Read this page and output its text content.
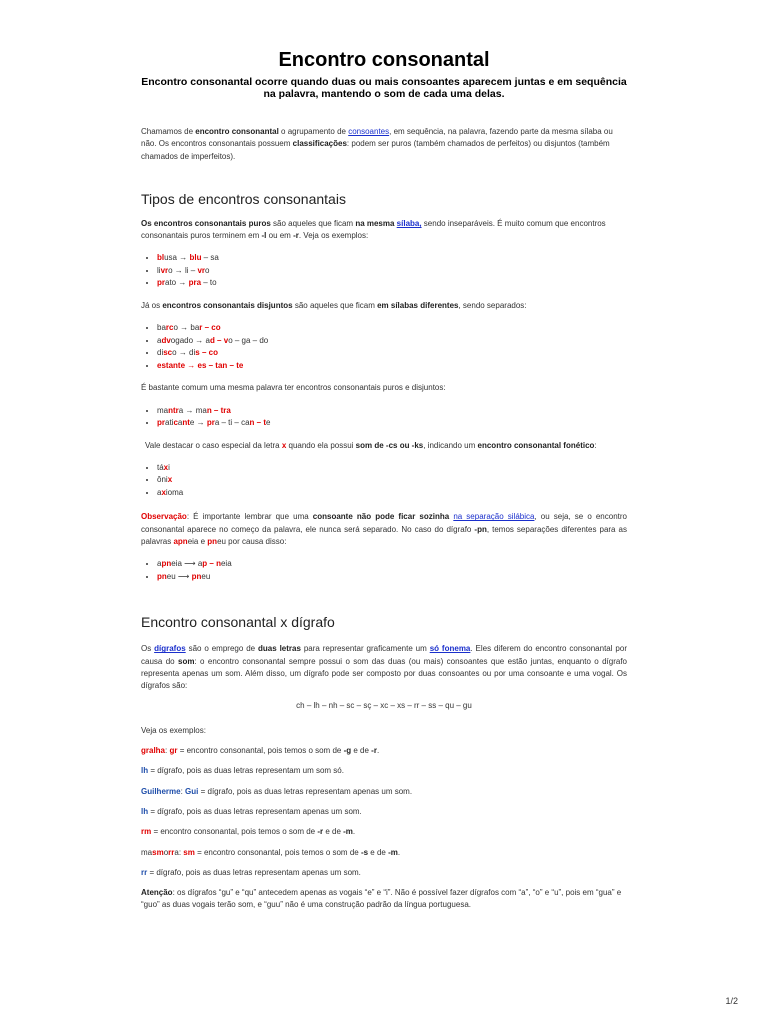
Encontro consonantal

Encontro consonantal ocorre quando duas ou mais consoantes aparecem juntas e em sequência na palavra, mantendo o som de cada uma delas.

Chamamos de encontro consonantal o agrupamento de consoantes, em sequência, na palavra, fazendo parte da mesma sílaba ou não. Os encontros consonantais possuem classificações: podem ser puros (também chamados de perfeitos) ou disjuntos (também chamados de imperfeitos).

Tipos de encontros consonantais

Os encontros consonantais puros são aqueles que ficam na mesma sílaba, sendo inseparáveis. É muito comum que encontros consonantais puros terminem em -l ou em -r. Veja os exemplos:

• blusa → blu – sa
• livro → li – vro
• prato → pra – to

Já os encontros consonantais disjuntos são aqueles que ficam em sílabas diferentes, sendo separados:

• barco → bar – co
• advogado → ad – vo – ga – do
• disco → dis – co
• estante → es – tan – te

É bastante comum uma mesma palavra ter encontros consonantais puros e disjuntos:

• mantra → man – tra
• praticante → pra – ti – can – te

Vale destacar o caso especial da letra x quando ela possui som de -cs ou -ks, indicando um encontro consonantal fonético:

• táxi
• ônix
• axioma

Observação: É importante lembrar que uma consoante não pode ficar sozinha na separação silábica, ou seja, se o encontro consonantal aparece no começo da palavra, ele nunca será separado. No caso do dígrafo -pn, temos separações diferentes para as palavras apneia e pneu por causa disso:

• apneia ⟶ ap – neia
• pneu ⟶ pneu
Encontro consonantal x dígrafo

Os dígrafos são o emprego de duas letras para representar graficamente um só fonema. Eles diferem do encontro consonantal por causa do som: o encontro consonantal sempre possui o som das duas (ou mais) consoantes que estão juntas, enquanto o dígrafo representa apenas um som. Além disso, um dígrafo pode ser composto por duas consoantes ou por uma consoante e uma vogal. Os dígrafos são:

ch – lh – nh – sc – sç – xc – xs – rr – ss – qu – gu

Veja os exemplos:

gralha: gr = encontro consonantal, pois temos o som de -g e de -r.

lh = dígrafo, pois as duas letras representam um som só.

Guilherme: Gui = dígrafo, pois as duas letras representam apenas um som.

lh = dígrafo, pois as duas letras representam apenas um som.

rm = encontro consonantal, pois temos o som de -r e de -m.

masmorra: sm = encontro consonantal, pois temos o som de -s e de -m.

rr = dígrafo, pois as duas letras representam apenas um som.

Atenção: os dígrafos “gu” e “qu” antecedem apenas as vogais “e” e “i”. Não é possível fazer dígrafos com “a”, “o” e “u”, pois em “gua” e “guo” as duas vogais terão som, e “guu” não é uma construção padrão da língua portuguesa.

1/2
